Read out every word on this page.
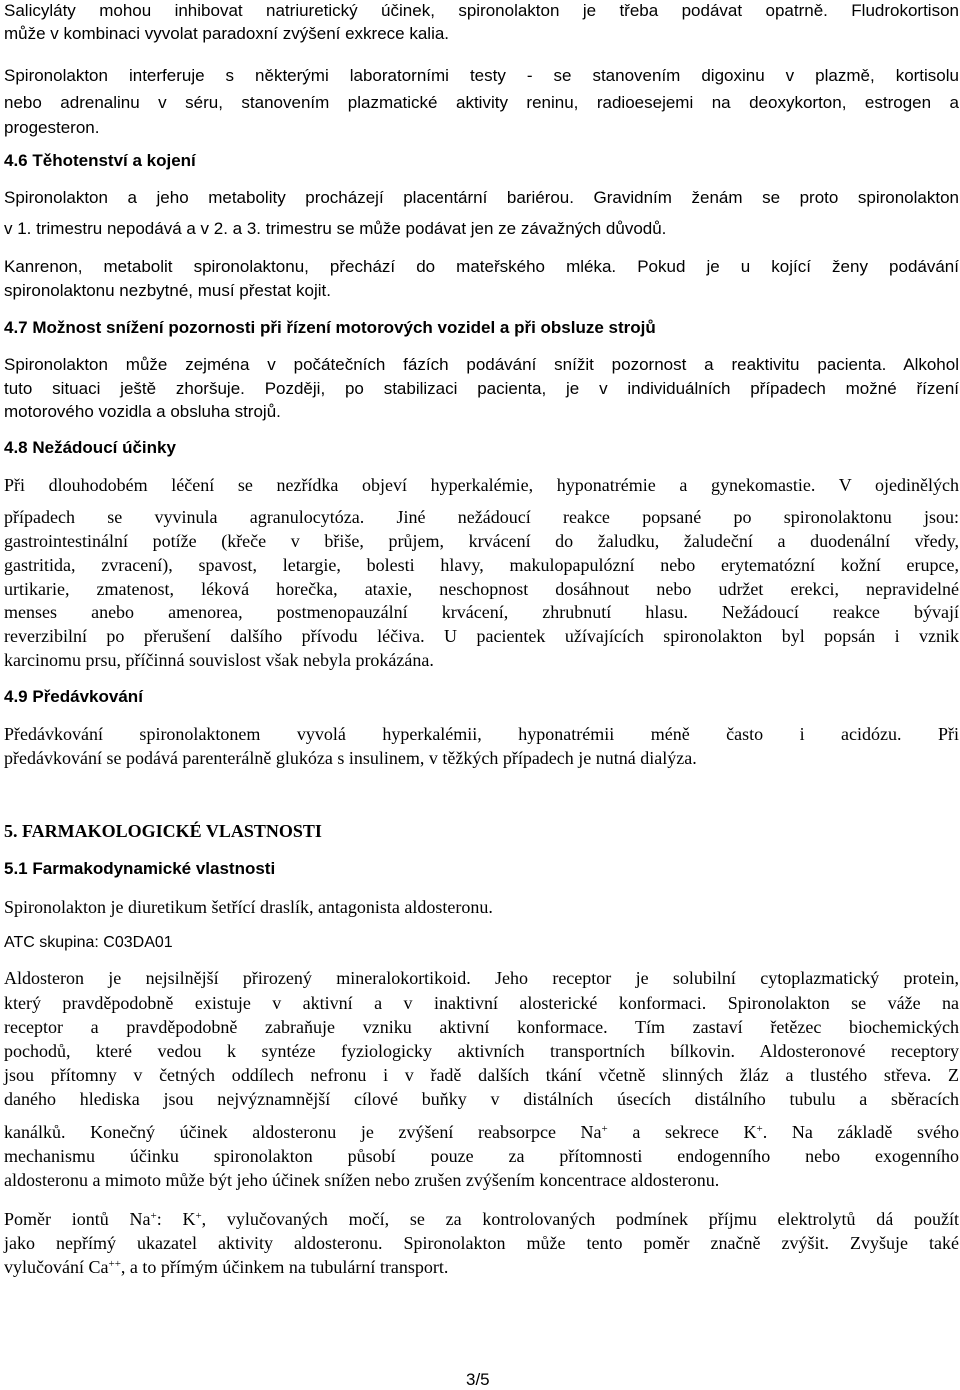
Salicyláty mohou inhibovat natriuretický účinek, spironolakton je třeba podávat opatrně. Fludrokortison
může v kombinaci vyvolat paradoxní zvýšení exkrece kalia.
Spironolakton interferuje s některými laboratorními testy - se stanovením digoxinu v plazmě, kortisolu
nebo adrenalinu v séru, stanovením plazmatické aktivity reninu, radioesejemi na deoxykorton, estrogen a
progesteron.
4.6 Těhotenství a kojení
Spironolakton a jeho metabolity procházejí placentární bariérou. Gravidním ženám se proto spironolakton
v 1. trimestru nepodává a v 2. a 3. trimestru se může podávat jen ze závažných důvodů.
Kanrenon, metabolit spironolaktonu, přechází do mateřského mléka. Pokud je u kojící ženy podávání
spironolaktonu nezbytné, musí přestat kojit.
4.7 Možnost snížení pozornosti při řízení motorových vozidel a při obsluze strojů
Spironolakton může zejména v počátečních fázích podávání snížit pozornost a reaktivitu pacienta. Alkohol
tuto situaci ještě zhoršuje. Později, po stabilizaci pacienta, je v individuálních případech možné řízení
motorového vozidla a obsluha strojů.
4.8 Nežádoucí účinky
Při dlouhodobém léčení se nezřídka objeví hyperkalémie, hyponatrémie a gynekomastie. V ojedinělých
případech se vyvinula agranulocytóza. Jiné nežádoucí reakce popsané po spironolaktonu jsou:
gastrointestinální potíže (křeče v břiše, průjem, krvácení do žaludku, žaludeční a duodenální vředy,
gastritida, zvracení), spavost, letargie, bolesti hlavy, makulopapulózní nebo erytematózní kožní erupce,
urtikarie, zmatenost, léková horečka, ataxie, neschopnost dosáhnout nebo udržet erekci, nepravidelné
menses anebo amenorea, postmenopauzální krvácení, zhrubnutí hlasu. Nežádoucí reakce bývají
reverzibilní po přerušení dalšího přívodu léčiva. U pacientek užívajících spironolakton byl popsán i vznik
karcinomu prsu, příčinná souvislost však nebyla prokázána.
4.9 Předávkování
Předávkování spironolaktonem vyvolá hyperkalémii, hyponatrémii méně často i acidózu. Při
předávkování se podává parenterálně glukóza s insulinem, v těžkých případech je nutná dialýza.
5. FARMAKOLOGICKÉ VLASTNOSTI
5.1 Farmakodynamické vlastnosti
Spironolakton je diuretikum šetřící draslík, antagonista aldosteronu.
ATC skupina: C03DA01
Aldosteron je nejsilnější přirozený mineralokortikoid. Jeho receptor je solubilní cytoplazmatický protein,
který pravděpodobně existuje v aktivní a v inaktivní alosterické konformaci. Spironolakton se váže na
receptor a pravděpodobně zabraňuje vzniku aktivní konformace. Tím zastaví řetězec biochemických
pochodů, které vedou k syntéze fyziologicky aktivních transportních bílkovin. Aldosteronové receptory
jsou přítomny v četných oddílech nefronu i v řadě dalších tkání včetně slinných žláz a tlustého střeva. Z
daného hlediska jsou nejvýznamnější cílové buňky v distálních úsecích distálního tubulu a sběracích
kanálků. Konečný účinek aldosteronu je zvýšení reabsorpce Na+ a sekrece K+. Na základě svého
mechanismu účinku spironolakton působí pouze za přítomnosti endogenního nebo exogenního
aldosteronu a mimoto může být jeho účinek snížen nebo zrušen zvýšením koncentrace aldosteronu.
Poměr iontů Na+: K+, vylučovaných močí, se za kontrolovaných podmínek příjmu elektrolytů dá použít
jako nepřímý ukazatel aktivity aldosteronu. Spironolakton může tento poměr značně zvýšit. Zvyšuje také
vylučování Ca++, a to přímým účinkem na tubulární transport.
3/5
